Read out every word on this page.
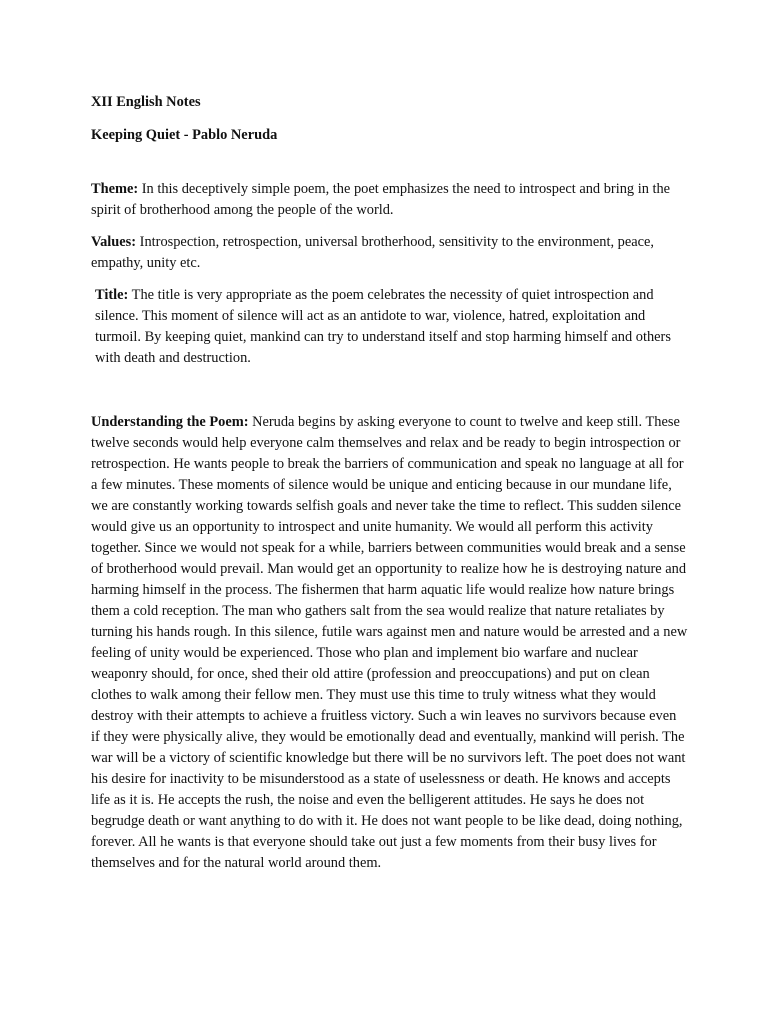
XII English Notes

Keeping Quiet - Pablo Neruda

Theme: In this deceptively simple poem, the poet emphasizes the need to introspect and bring in the spirit of brotherhood among the people of the world.

Values: Introspection, retrospection, universal brotherhood, sensitivity to the environment, peace, empathy, unity etc.

Title: The title is very appropriate as the poem celebrates the necessity of quiet introspection and silence. This moment of silence will act as an antidote to war, violence, hatred, exploitation and turmoil. By keeping quiet, mankind can try to understand itself and stop harming himself and others with death and destruction.

Understanding the Poem: Neruda begins by asking everyone to count to twelve and keep still. These twelve seconds would help everyone calm themselves and relax and be ready to begin introspection or retrospection. He wants people to break the barriers of communication and speak no language at all for a few minutes. These moments of silence would be unique and enticing because in our mundane life, we are constantly working towards selfish goals and never take the time to reflect. This sudden silence would give us an opportunity to introspect and unite humanity. We would all perform this activity together. Since we would not speak for a while, barriers between communities would break and a sense of brotherhood would prevail. Man would get an opportunity to realize how he is destroying nature and harming himself in the process. The fishermen that harm aquatic life would realize how nature brings them a cold reception. The man who gathers salt from the sea would realize that nature retaliates by turning his hands rough. In this silence, futile wars against men and nature would be arrested and a new feeling of unity would be experienced. Those who plan and implement bio warfare and nuclear weaponry should, for once, shed their old attire (profession and preoccupations) and put on clean clothes to walk among their fellow men. They must use this time to truly witness what they would destroy with their attempts to achieve a fruitless victory. Such a win leaves no survivors because even if they were physically alive, they would be emotionally dead and eventually, mankind will perish. The war will be a victory of scientific knowledge but there will be no survivors left. The poet does not want his desire for inactivity to be misunderstood as a state of uselessness or death. He knows and accepts life as it is. He accepts the rush, the noise and even the belligerent attitudes. He says he does not begrudge death or want anything to do with it. He does not want people to be like dead, doing nothing, forever. All he wants is that everyone should take out just a few moments from their busy lives for themselves and for the natural world around them.
